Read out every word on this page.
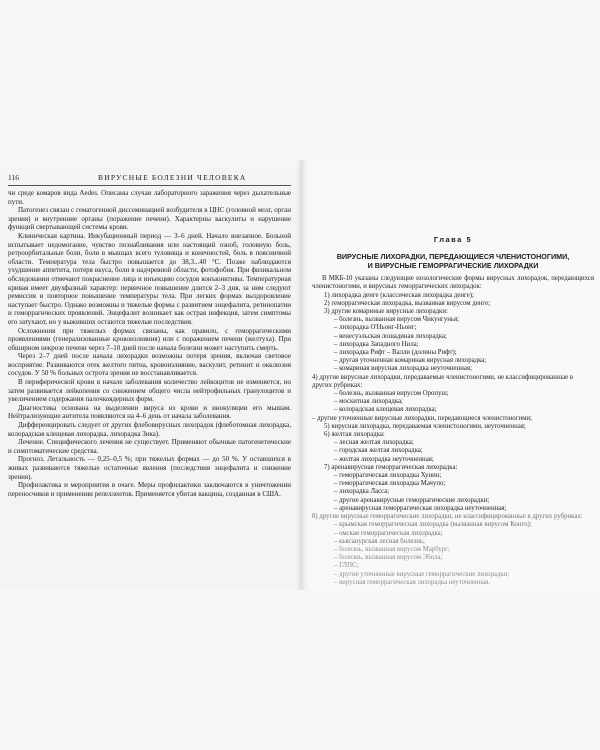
116	ВИРУСНЫЕ БОЛЕЗНИ ЧЕЛОВЕКА

чи среде комаров вида Aedes. Описаны случаи лабораторного заражения через дыхательные пути.

Патогенез связан с гематогенной диссеминацией возбудителя в ЦНС (головной мозг, орган зрения) и внутренние органы (поражение печени). Характерны васкулиты и нарушение функций свертывающей системы крови.

Клиническая картина. Инкубационный период — 3–6 дней. Начало внезапное. Больной испытывает недомогание, чувство познабливания или настоящий озноб, головную боль, ретроорбитальные боли, боли в мышцах всего туловища и конечностей, боль в поясничной области. Температура тела быстро повышается до 38,3...40 °С. Позже наблюдаются ухудшение аппетита, потеря вкуса, боли в надчревной области, фотофобия. При физикальном обследовании отмечают покраснение лица и инъекцию сосудов конъюнктивы. Температурная кривая имеет двухфазный характер: первичное повышение длится 2–3 дня, за ним следуют ремиссия и повторное повышение температуры тела. При легких формах выздоровление наступает быстро. Однако возможны и тяжелые формы с развитием энцефалита, ретинопатии и геморрагических проявлений. Энцефалит возникает как острая инфекция, затем симптомы его затухают, но у выживших остаются тяжелые последствия.

Осложнения при тяжелых формах связаны, как правило, с геморрагическими проявлениями (генерализованные кровоизлияния) или с поражением печени (желтуха). При обширном некрозе печени через 7–10 дней после начала болезни может наступить смерть.

Через 2–7 дней после начала лихорадки возможны потеря зрения, включая световое восприятие. Развиваются отек желтого пятна, кровоизлияние, васкулит, ретинит и окклюзия сосудов. У 50 % больных острота зрения не восстанавливается.

В периферической крови в начале заболевания количество лейкоцитов не изменяется, но затем развивается лейкопения со снижением общего числа нейтрофильных гранулоцитов и увеличением содержания палочкоядерных форм.

Диагностика основана на выделении вируса из крови и инокуляции его мышам. Нейтрализующие антитела появляются на 4–6 день от начала заболевания.

Дифференцировать следует от других флебовирусных лихорадок (флеботомная лихорадка, колорадская клещевая лихорадка, лихорадка Зика).

Лечение. Специфического лечения не существует. Применяют обычные патогенетические и симптоматические средства.

Прогноз. Летальность — 0,25–0,5 %; при тяжелых формах — до 50 %. У оставшихся в живых развиваются тяжелые остаточные явления (последствия энцефалита и снижение зрения).

Профилактика и мероприятия в очаге. Меры профилактики заключаются в уничтожении переносчиков и применении репеллентов. Применяется убитая вакцина, созданная в США.

Глава 5
ВИРУСНЫЕ ЛИХОРАДКИ, ПЕРЕДАЮЩИЕСЯ ЧЛЕНИСТОНОГИМИ,
И ВИРУСНЫЕ ГЕМОРРАГИЧЕСКИЕ ЛИХОРАДКИ

В МКБ-10 указаны следующие нозологические формы вирусных лихорадок, передающихся членистоногими, и вирусных геморрагических лихорадок:

1) лихорадка денге (классическая лихорадка денге);

2) геморрагическая лихорадка, вызванная вирусом денге;

3) другие комариные вирусные лихорадки:

– болезнь, вызванная вирусом Чикунгунья;

– лихорадка О'Ньонг-Ньонг;

– венесуэльская лошадиная лихорадка;

– лихорадка Западного Нила;

– лихорадка Рифт – Валли (долины Рифт);

– другая уточненная комариная вирусная лихорадка;

– комариная вирусная лихорадка неуточненная;

4) другие вирусные лихорадки, передаваемые членистоногими, не классифицированные в других рубриках:

– болезнь, вызванная вирусом Оропуш;

– москитная лихорадка;

– колорадская клещевая лихорадка;

– другие уточненные вирусные лихорадки, передающиеся членистоногими;

5) вирусная лихорадка, передаваемая членистоногими, неуточненная;

6) желтая лихорадка:

– лесная желтая лихорадка;

– городская желтая лихорадка;

– желтая лихорадка неуточненная;

7) аренавирусная геморрагическая лихорадка:

– геморрагическая лихорадка Хунин;

– геморрагическая лихорадка Мачупо;

– лихорадка Ласса;

– другие аренавирусные геморрагические лихорадки;

– аренавирусная геморрагическая лихорадка неуточненная;

8) другие вирусные геморрагические лихорадки, не классифицированные в других рубриках:

– крымская геморрагическая лихорадка (вызванная вирусом Конго);

– омская геморрагическая лихорадка;

– кьясанурская лесная болезнь;

– болезнь, вызванная вирусом Марбург;

– болезнь, вызванная вирусом Эбола;

– ГЛПС;

– другие уточненные вирусные геморрагические лихорадки;

– вирусная геморрагическая лихорадка неуточненная.
